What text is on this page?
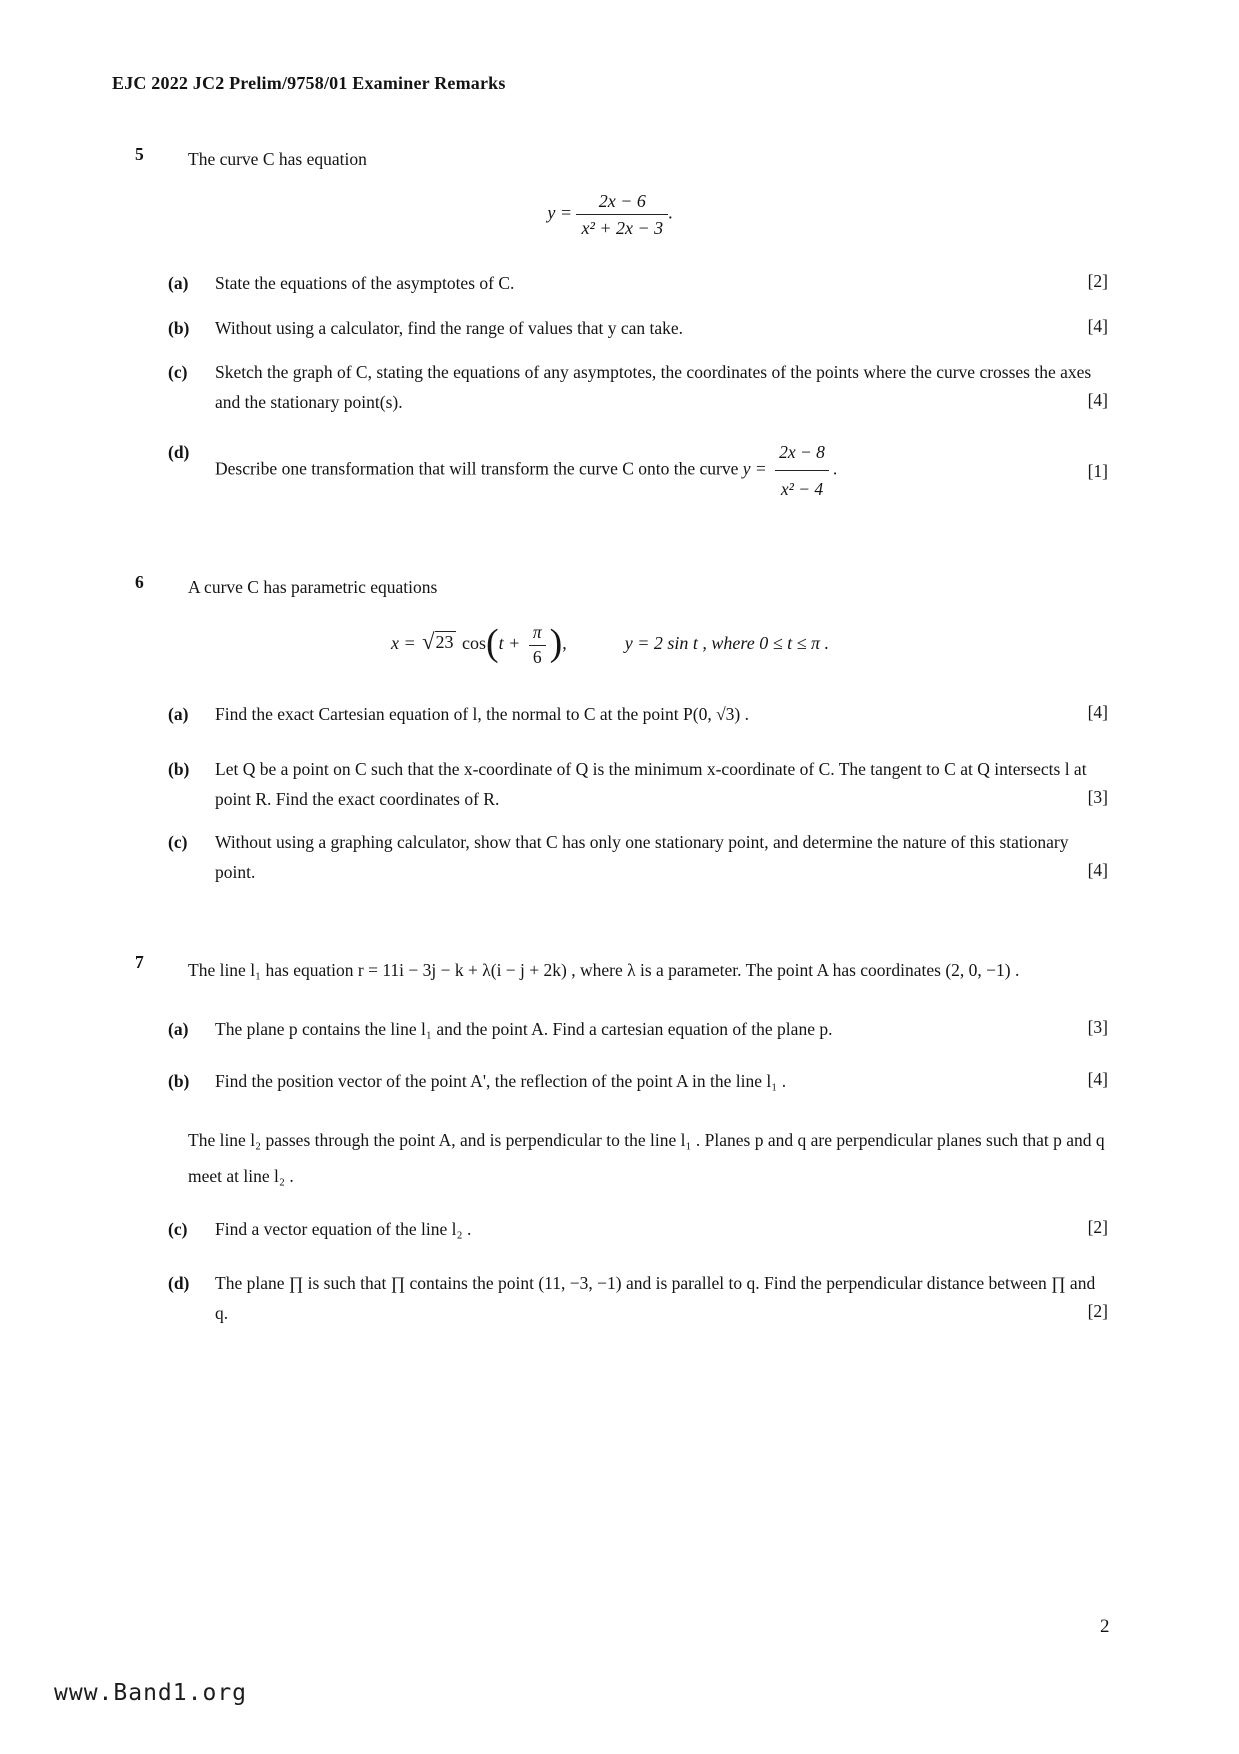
EJC 2022 JC2 Prelim/9758/01 Examiner Remarks
5	The curve C has equation
$y = \frac{2x - 6}{\text{x² + 2x − 3}}$ .
(a)	State the equations of the asymptotes of C.	[2]
(b)	Without using a calculator, find the range of values that y can take.	[4]
(c)	Sketch the graph of C, stating the equations of any asymptotes, the coordinates of the points where the curve crosses the axes and the stationary point(s).	[4]
(d)
Describe one transformation that will transform the curve C onto the curve $y = \frac{2x - 8}{\text{x² − 4}}$ .	[1]
6	A curve C has parametric equations
x = √ 23 $\cos(t + \frac{\pi}{6}$ ),	y = 2 sin t , where 0 ≤ t ≤ π .
(a)	Find the exact Cartesian equation of l, the normal to C at the point P(0, √3) .	[4]
(b)	Let Q be a point on C such that the x-coordinate of Q is the minimum x-coordinate of C. The tangent to C at Q intersects l at point R. Find the exact coordinates of R.	[3]
(c)	Without using a graphing calculator, show that C has only one stationary point, and determine the nature of this stationary point.	[4]
7	The line l₁ has equation r = 11i − 3j − k + λ(i − j + 2k) , where λ is a parameter. The point A has coordinates (2, 0, −1) .
(a)	The plane p contains the line l₁ and the point A. Find a cartesian equation of the plane p.	[3]
(b)	Find the position vector of the point A', the reflection of the point A in the line l₁ .	[4]
The line l₂ passes through the point A, and is perpendicular to the line l₁ . Planes p and q are perpendicular planes such that p and q meet at line l₂ .
(c)	Find a vector equation of the line l₂ .	[2]
(d)	The plane ∏ is such that ∏ contains the point (11, −3, −1) and is parallel to q. Find the perpendicular distance between ∏ and q.	[2]
2
www.Band1.org
